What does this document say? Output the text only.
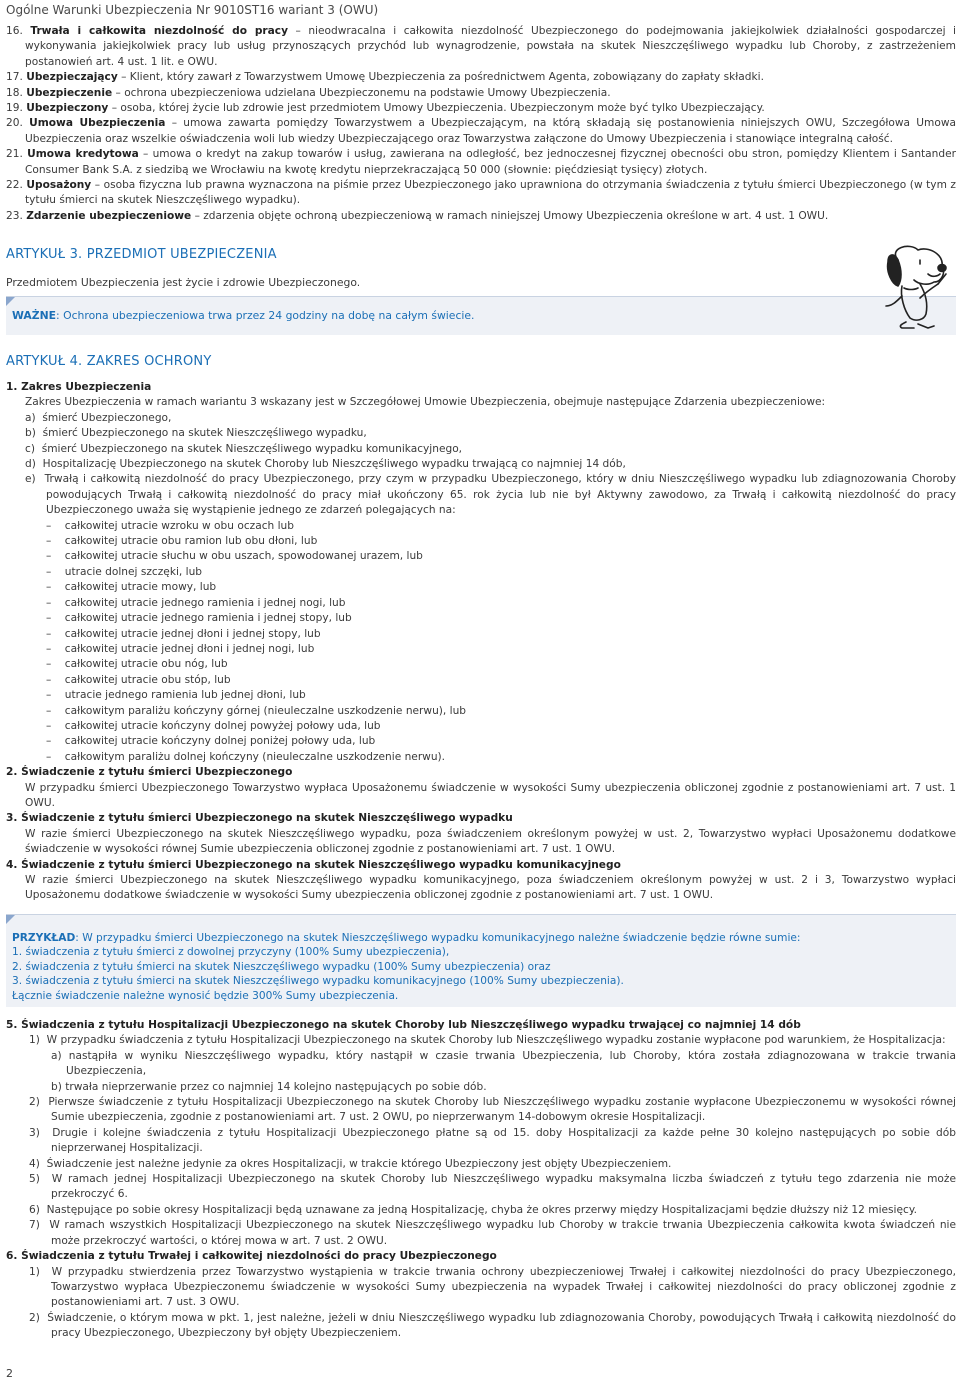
Ogólne Warunki Ubezpieczenia Nr 9010ST16 wariant 3 (OWU)

16. Trwała i całkowita niezdolność do pracy – nieodwracalna i całkowita niezdolność Ubezpieczonego do podejmowania jakiejkolwiek działalności gospodarczej i wykonywania jakiejkolwiek pracy lub usług przynoszących przychód lub wynagrodzenie, powstała na skutek Nieszczęśliwego wypadku lub Choroby, z zastrzeżeniem postanowień art. 4 ust. 1 lit. e OWU.

17. Ubezpieczający – Klient, który zawarł z Towarzystwem Umowę Ubezpieczenia za pośrednictwem Agenta, zobowiązany do zapłaty składki.

18. Ubezpieczenie – ochrona ubezpieczeniowa udzielana Ubezpieczonemu na podstawie Umowy Ubezpieczenia.

19. Ubezpieczony – osoba, której życie lub zdrowie jest przedmiotem Umowy Ubezpieczenia. Ubezpieczonym może być tylko Ubezpieczający.

20. Umowa Ubezpieczenia – umowa zawarta pomiędzy Towarzystwem a Ubezpieczającym, na którą składają się postanowienia niniejszych OWU, Szczegółowa Umowa Ubezpieczenia oraz wszelkie oświadczenia woli lub wiedzy Ubezpieczającego oraz Towarzystwa załączone do Umowy Ubezpieczenia i stanowiące integralną całość.

21. Umowa kredytowa – umowa o kredyt na zakup towarów i usług, zawierana na odległość, bez jednoczesnej fizycznej obecności obu stron, pomiędzy Klientem i Santander Consumer Bank S.A. z siedzibą we Wrocławiu na kwotę kredytu nieprzekraczającą 50 000 (słownie: pięćdziesiąt tysięcy) złotych.

22. Uposażony – osoba fizyczna lub prawna wyznaczona na piśmie przez Ubezpieczonego jako uprawniona do otrzymania świadczenia z tytułu śmierci Ubezpieczonego (w tym z tytułu śmierci na skutek Nieszczęśliwego wypadku).

23. Zdarzenie ubezpieczeniowe – zdarzenia objęte ochroną ubezpieczeniową w ramach niniejszej Umowy Ubezpieczenia określone w art. 4 ust. 1 OWU.

ARTYKUŁ 3. PRZEDMIOT UBEZPIECZENIA
Przedmiotem Ubezpieczenia jest życie i zdrowie Ubezpieczonego.

WAŻNE: Ochrona ubezpieczeniowa trwa przez 24 godziny na dobę na całym świecie.

ARTYKUŁ 4. ZAKRES OCHRONY

1. Zakres Ubezpieczenia

Zakres Ubezpieczenia w ramach wariantu 3 wskazany jest w Szczegółowej Umowie Ubezpieczenia, obejmuje następujące Zdarzenia ubezpieczeniowe:

a) śmierć Ubezpieczonego,

b) śmierć Ubezpieczonego na skutek Nieszczęśliwego wypadku,

c) śmierć Ubezpieczonego na skutek Nieszczęśliwego wypadku komunikacyjnego,

d) Hospitalizację Ubezpieczonego na skutek Choroby lub Nieszczęśliwego wypadku trwającą co najmniej 14 dób,

e) Trwałą i całkowitą niezdolność do pracy Ubezpieczonego, przy czym w przypadku Ubezpieczonego, który w dniu Nieszczęśliwego wypadku lub zdiagnozowania Choroby powodujących Trwałą i całkowitą niezdolność do pracy miał ukończony 65. rok życia lub nie był Aktywny zawodowo, za Trwałą i całkowitą niezdolność do pracy Ubezpieczonego uważa się wystąpienie jednego ze zdarzeń polegających na:

–    całkowitej utracie wzroku w obu oczach lub

–    całkowitej utracie obu ramion lub obu dłoni, lub

–    całkowitej utracie słuchu w obu uszach, spowodowanej urazem, lub

–    utracie dolnej szczęki, lub

–    całkowitej utracie mowy, lub

–    całkowitej utracie jednego ramienia i jednej nogi, lub

–    całkowitej utracie jednego ramienia i jednej stopy, lub

–    całkowitej utracie jednej dłoni i jednej stopy, lub

–    całkowitej utracie jednej dłoni i jednej nogi, lub

–    całkowitej utracie obu nóg, lub

–    całkowitej utracie obu stóp, lub

–    utracie jednego ramienia lub jednej dłoni, lub

–    całkowitym paraliżu kończyny górnej (nieuleczalne uszkodzenie nerwu), lub

–    całkowitej utracie kończyny dolnej powyżej połowy uda, lub

–    całkowitej utracie kończyny dolnej poniżej połowy uda, lub

–    całkowitym paraliżu dolnej kończyny (nieuleczalne uszkodzenie nerwu).

2. Świadczenie z tytułu śmierci Ubezpieczonego

W przypadku śmierci Ubezpieczonego Towarzystwo wypłaca Uposażonemu świadczenie w wysokości Sumy ubezpieczenia obliczonej zgodnie z postanowieniami art. 7 ust. 1 OWU.

3. Świadczenie z tytułu śmierci Ubezpieczonego na skutek Nieszczęśliwego wypadku

W razie śmierci Ubezpieczonego na skutek Nieszczęśliwego wypadku, poza świadczeniem określonym powyżej w ust. 2, Towarzystwo wypłaci Uposażonemu dodatkowe świadczenie w wysokości równej Sumie ubezpieczenia obliczonej zgodnie z postanowieniami art. 7 ust. 1 OWU.

4. Świadczenie z tytułu śmierci Ubezpieczonego na skutek Nieszczęśliwego wypadku komunikacyjnego

W razie śmierci Ubezpieczonego na skutek Nieszczęśliwego wypadku komunikacyjnego, poza świadczeniem określonym powyżej w ust. 2 i 3, Towarzystwo wypłaci Uposażonemu dodatkowe świadczenie w wysokości Sumy ubezpieczenia obliczonej zgodnie z postanowieniami art. 7 ust. 1 OWU.

PRZYKŁAD: W przypadku śmierci Ubezpieczonego na skutek Nieszczęśliwego wypadku komunikacyjnego należne świadczenie będzie równe sumie:
1. świadczenia z tytułu śmierci z dowolnej przyczyny (100% Sumy ubezpieczenia),
2. świadczenia z tytułu śmierci na skutek Nieszczęśliwego wypadku (100% Sumy ubezpieczenia) oraz
3. świadczenia z tytułu śmierci na skutek Nieszczęśliwego wypadku komunikacyjnego (100% Sumy ubezpieczenia).
Łącznie świadczenie należne wynosić będzie 300% Sumy ubezpieczenia.

5. Świadczenia z tytułu Hospitalizacji Ubezpieczonego na skutek Choroby lub Nieszczęśliwego wypadku trwającej co najmniej 14 dób

1) W przypadku świadczenia z tytułu Hospitalizacji Ubezpieczonego na skutek Choroby lub Nieszczęśliwego wypadku zostanie wypłacone pod warunkiem, że Hospitalizacja:

a) nastąpiła w wyniku Nieszczęśliwego wypadku, który nastąpił w czasie trwania Ubezpieczenia, lub Choroby, która została zdiagnozowana w trakcie trwania Ubezpieczenia,

b) trwała nieprzerwanie przez co najmniej 14 kolejno następujących po sobie dób.

2) Pierwsze świadczenie z tytułu Hospitalizacji Ubezpieczonego na skutek Choroby lub Nieszczęśliwego wypadku zostanie wypłacone Ubezpieczonemu w wysokości równej Sumie ubezpieczenia, zgodnie z postanowieniami art. 7 ust. 2 OWU, po nieprzerwanym 14-dobowym okresie Hospitalizacji.

3) Drugie i kolejne świadczenia z tytułu Hospitalizacji Ubezpieczonego płatne są od 15. doby Hospitalizacji za każde pełne 30 kolejno następujących po sobie dób nieprzerwanej Hospitalizacji.

4) Świadczenie jest należne jedynie za okres Hospitalizacji, w trakcie którego Ubezpieczony jest objęty Ubezpieczeniem.

5) W ramach jednej Hospitalizacji Ubezpieczonego na skutek Choroby lub Nieszczęśliwego wypadku maksymalna liczba świadczeń z tytułu tego zdarzenia nie może przekroczyć 6.

6) Następujące po sobie okresy Hospitalizacji będą uznawane za jedną Hospitalizację, chyba że okres przerwy między Hospitalizacjami będzie dłuższy niż 12 miesięcy.

7) W ramach wszystkich Hospitalizacji Ubezpieczonego na skutek Nieszczęśliwego wypadku lub Choroby w trakcie trwania Ubezpieczenia całkowita kwota świadczeń nie może przekroczyć wartości, o której mowa w art. 7 ust. 2 OWU.

6. Świadczenia z tytułu Trwałej i całkowitej niezdolności do pracy Ubezpieczonego

1) W przypadku stwierdzenia przez Towarzystwo wystąpienia w trakcie trwania ochrony ubezpieczeniowej Trwałej i całkowitej niezdolności do pracy Ubezpieczonego, Towarzystwo wypłaca Ubezpieczonemu świadczenie w wysokości Sumy ubezpieczenia na wypadek Trwałej i całkowitej niezdolności do pracy obliczonej zgodnie z postanowieniami art. 7 ust. 3 OWU.

2) Świadczenie, o którym mowa w pkt. 1, jest należne, jeżeli w dniu Nieszczęśliwego wypadku lub zdiagnozowania Choroby, powodujących Trwałą i całkowitą niezdolność do pracy Ubezpieczonego, Ubezpieczony był objęty Ubezpieczeniem.

2
